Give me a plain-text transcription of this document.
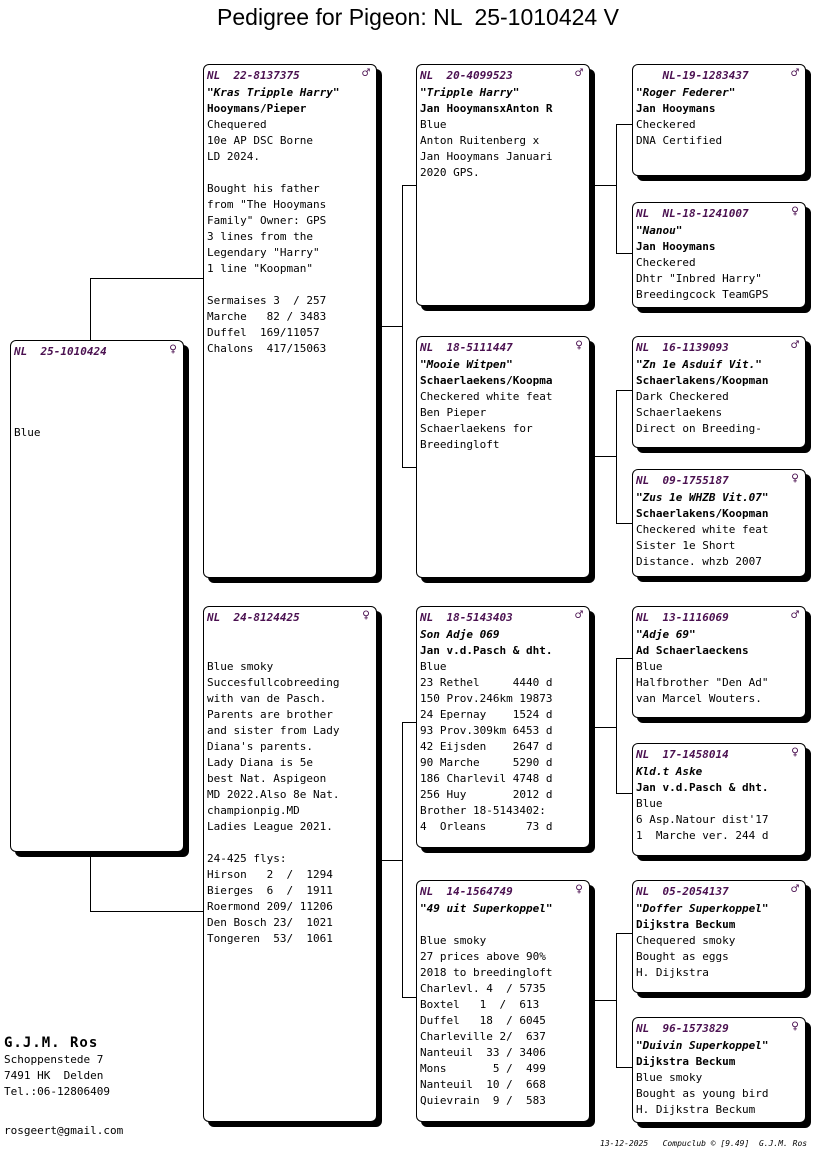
Pedigree for Pigeon: NL  25-1010424 V
NL  25-1010424	♀
Blue
NL  22-8137375	♂
"Kras Tripple Harry"
Hooymans/Pieper
Chequered
10e AP DSC Borne
LD 2024.
Bought his father
from "The Hooymans
Family" Owner: GPS
3 lines from the
Legendary "Harry"
1 line "Koopman"
Sermaises 3  / 257
Marche   82 / 3483
Duffel  169/11057
Chalons  417/15063
NL  24-8124425	♀
Blue smoky
Succesfullcobreeding
with van de Pasch.
Parents are brother
and sister from Lady
Diana's parents.
Lady Diana is 5e
best Nat. Aspigeon
MD 2022.Also 8e Nat.
championpig.MD
Ladies League 2021.
24-425 flys:
Hirson   2  /  1294
Bierges  6  /  1911
Roermond 209/ 11206
Den Bosch 23/  1021
Tongeren  53/  1061
NL  20-4099523	♂
"Tripple Harry"
Jan HooymansxAnton R
Blue
Anton Ruitenberg x
Jan Hooymans Januari
2020 GPS.
NL  18-5111447	♀
"Mooie Witpen"
Schaerlaekens/Koopma
Checkered white feat
Ben Pieper
Schaerlaekens for
Breedingloft
NL  18-5143403	♂
Son Adje 069
Jan v.d.Pasch & dht.
Blue
23 Rethel     4440 d
150 Prov.246km 19873
24 Epernay    1524 d
93 Prov.309km 6453 d
42 Eijsden    2647 d
90 Marche     5290 d
186 Charlevil 4748 d
256 Huy       2012 d
Brother 18-5143402:
4  Orleans      73 d
NL  14-1564749	♀
"49 uit Superkoppel"
Blue smoky
27 prices above 90%
2018 to breedingloft
Charlevl. 4  / 5735
Boxtel   1  /  613
Duffel   18  / 6045
Charleville 2/  637
Nanteuil  33 / 3406
Mons       5 /  499
Nanteuil  10 /  668
Quievrain  9 /  583
NL-19-1283437	♂
"Roger Federer"
Jan Hooymans
Checkered
DNA Certified
NL  NL-18-1241007	♀
"Nanou"
Jan Hooymans
Checkered
Dhtr "Inbred Harry"
Breedingcock TeamGPS
NL  16-1139093	♂
"Zn 1e Asduif Vit."
Schaerlakens/Koopman
Dark Checkered
Schaerlaekens
Direct on Breeding-
NL  09-1755187	♀
"Zus 1e WHZB Vit.07"
Schaerlakens/Koopman
Checkered white feat
Sister 1e Short
Distance. whzb 2007
NL  13-1116069	♂
"Adje 69"
Ad Schaerlaeckens
Blue
Halfbrother "Den Ad"
van Marcel Wouters.
NL  17-1458014	♀
Kld.t Aske
Jan v.d.Pasch & dht.
Blue
6 Asp.Natour dist'17
1  Marche ver. 244 d
NL  05-2054137	♂
"Doffer Superkoppel"
Dijkstra Beckum
Chequered smoky
Bought as eggs
H. Dijkstra
NL  96-1573829	♀
"Duivin Superkoppel"
Dijkstra Beckum
Blue smoky
Bought as young bird
H. Dijkstra Beckum
G.J.M. Ros
Schoppenstede 7
7491 HK  Delden
Tel.:06-12806409
rosgeert@gmail.com
13-12-2025   Compuclub © [9.49]  G.J.M. Ros
